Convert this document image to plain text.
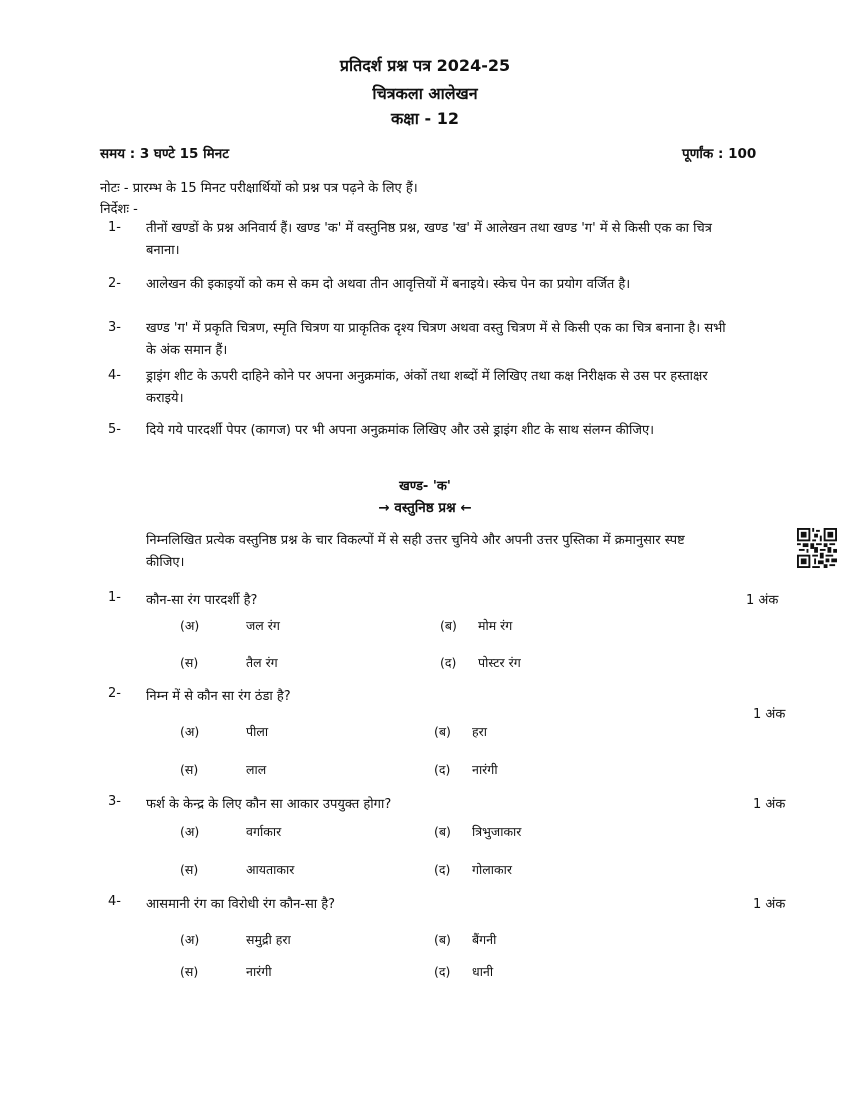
प्रतिदर्श प्रश्न पत्र 2024-25
चित्रकला आलेखन
कक्षा - 12
समय : 3 घण्टे 15 मिनट	पूर्णांक : 100
नोटः - प्रारम्भ के 15 मिनट परीक्षार्थियों को प्रश्न पत्र पढ़ने के लिए हैं।
निर्देशः -
1- तीनों खण्डों के प्रश्न अनिवार्य हैं। खण्ड 'क' में वस्तुनिष्ठ प्रश्न, खण्ड 'ख' में आलेखन तथा खण्ड 'ग' में से किसी एक का चित्र बनाना।
2- आलेखन की इकाइयों को कम से कम दो अथवा तीन आवृत्तियों में बनाइये। स्केच पेन का प्रयोग वर्जित है।
3- खण्ड 'ग' में प्रकृति चित्रण, स्मृति चित्रण या प्राकृतिक दृश्य चित्रण अथवा वस्तु चित्रण में से किसी एक का चित्र बनाना है। सभी के अंक समान हैं।
4- ड्राइंग शीट के ऊपरी दाहिने कोने पर अपना अनुक्रमांक, अंकों तथा शब्दों में लिखिए तथा कक्ष निरीक्षक से उस पर हस्ताक्षर कराइये।
5- दिये गये पारदर्शी पेपर (कागज) पर भी अपना अनुक्रमांक लिखिए और उसे ड्राइंग शीट के साथ संलग्न कीजिए।
खण्ड- 'क'
→ वस्तुनिष्ठ प्रश्न ←
निम्नलिखित प्रत्येक वस्तुनिष्ठ प्रश्न के चार विकल्पों में से सही उत्तर चुनिये और अपनी उत्तर पुस्तिका में क्रमानुसार स्पष्ट कीजिए।
1- कौन-सा रंग पारदर्शी है?	1 अंक
(अ)	जल रंग	(ब) मोम रंग
(स)	तैल रंग	(द) पोस्टर रंग
2- निम्न में से कौन सा रंग ठंडा है?
1 अंक
(अ)	पीला	(ब) हरा
(स)	लाल	(द) नारंगी
3- फर्श के केन्द्र के लिए कौन सा आकार उपयुक्त होगा?	1 अंक
(अ)	वर्गाकार	(ब) त्रिभुजाकार
(स)	आयताकार	(द) गोलाकार
4- आसमानी रंग का विरोधी रंग कौन-सा है?	1 अंक
(अ)	समुद्री हरा	(ब) बैंगनी
(स)	नारंगी	(द) धानी
